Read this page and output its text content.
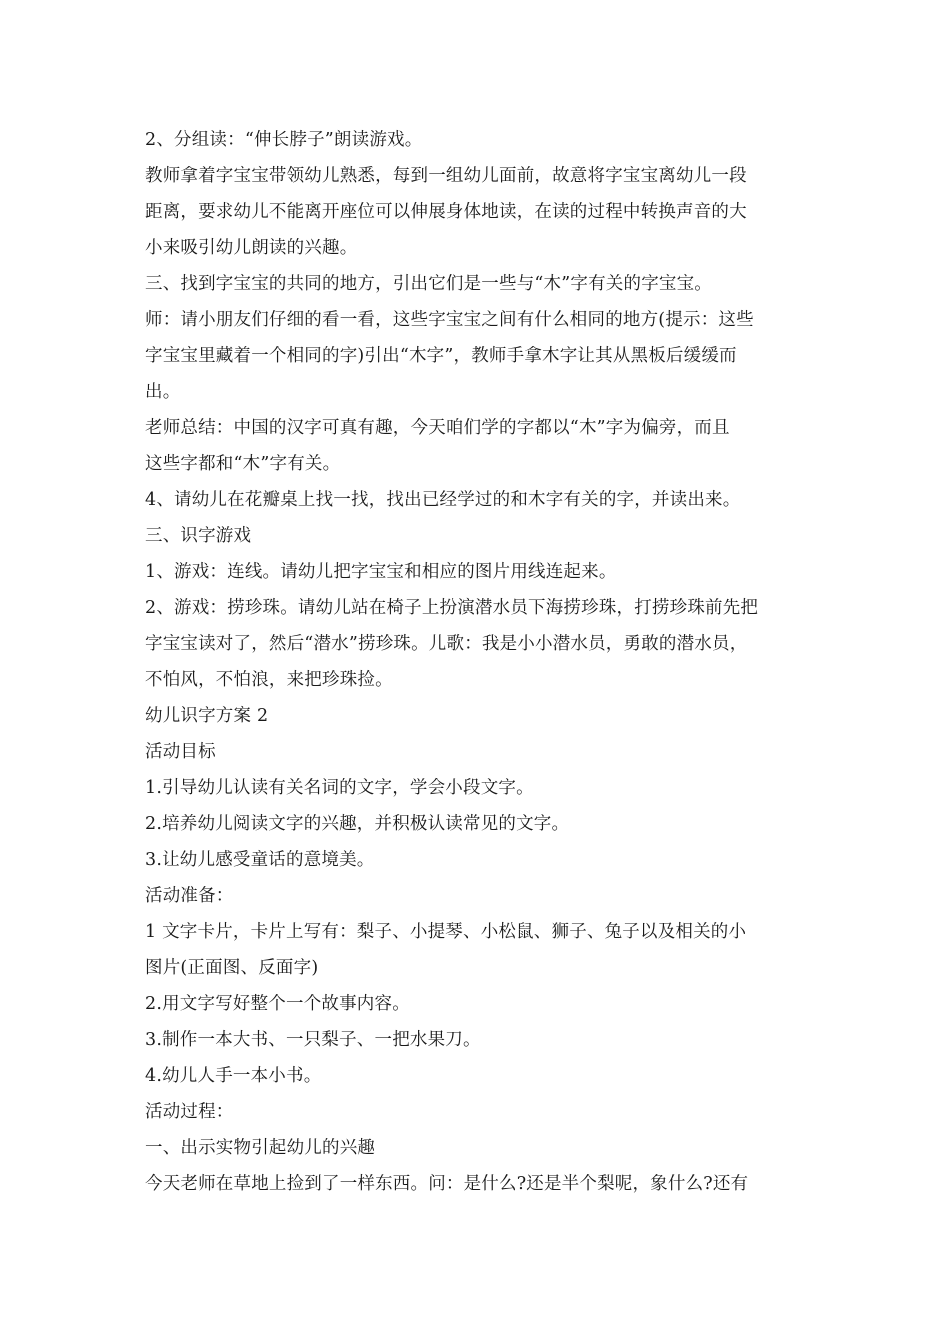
2、分组读：“伸长脖子”朗读游戏。
教师拿着字宝宝带领幼儿熟悉，每到一组幼儿面前，故意将字宝宝离幼儿一段
距离，要求幼儿不能离开座位可以伸展身体地读，在读的过程中转换声音的大
小来吸引幼儿朗读的兴趣。
三、找到字宝宝的共同的地方，引出它们是一些与“木”字有关的字宝宝。
师：请小朋友们仔细的看一看，这些字宝宝之间有什么相同的地方(提示：这些
字宝宝里藏着一个相同的字)引出“木字”，教师手拿木字让其从黑板后缓缓而
出。
老师总结：中国的汉字可真有趣，今天咱们学的字都以“木”字为偏旁，而且
这些字都和“木”字有关。
4、请幼儿在花瓣桌上找一找，找出已经学过的和木字有关的字，并读出来。
三、识字游戏
1、游戏：连线。请幼儿把字宝宝和相应的图片用线连起来。
2、游戏：捞珍珠。请幼儿站在椅子上扮演潜水员下海捞珍珠，打捞珍珠前先把
字宝宝读对了，然后“潜水”捞珍珠。儿歌：我是小小潜水员，勇敢的潜水员，
不怕风，不怕浪，来把珍珠捡。
幼儿识字方案 2
活动目标
1.引导幼儿认读有关名词的文字，学会小段文字。
2.培养幼儿阅读文字的兴趣，并积极认读常见的文字。
3.让幼儿感受童话的意境美。
活动准备：
1 文字卡片，卡片上写有：梨子、小提琴、小松鼠、狮子、兔子以及相关的小
图片(正面图、反面字)
2.用文字写好整个一个故事内容。
3.制作一本大书、一只梨子、一把水果刀。
4.幼儿人手一本小书。
活动过程：
一、出示实物引起幼儿的兴趣
今天老师在草地上捡到了一样东西。问：是什么?还是半个梨呢，象什么?还有
